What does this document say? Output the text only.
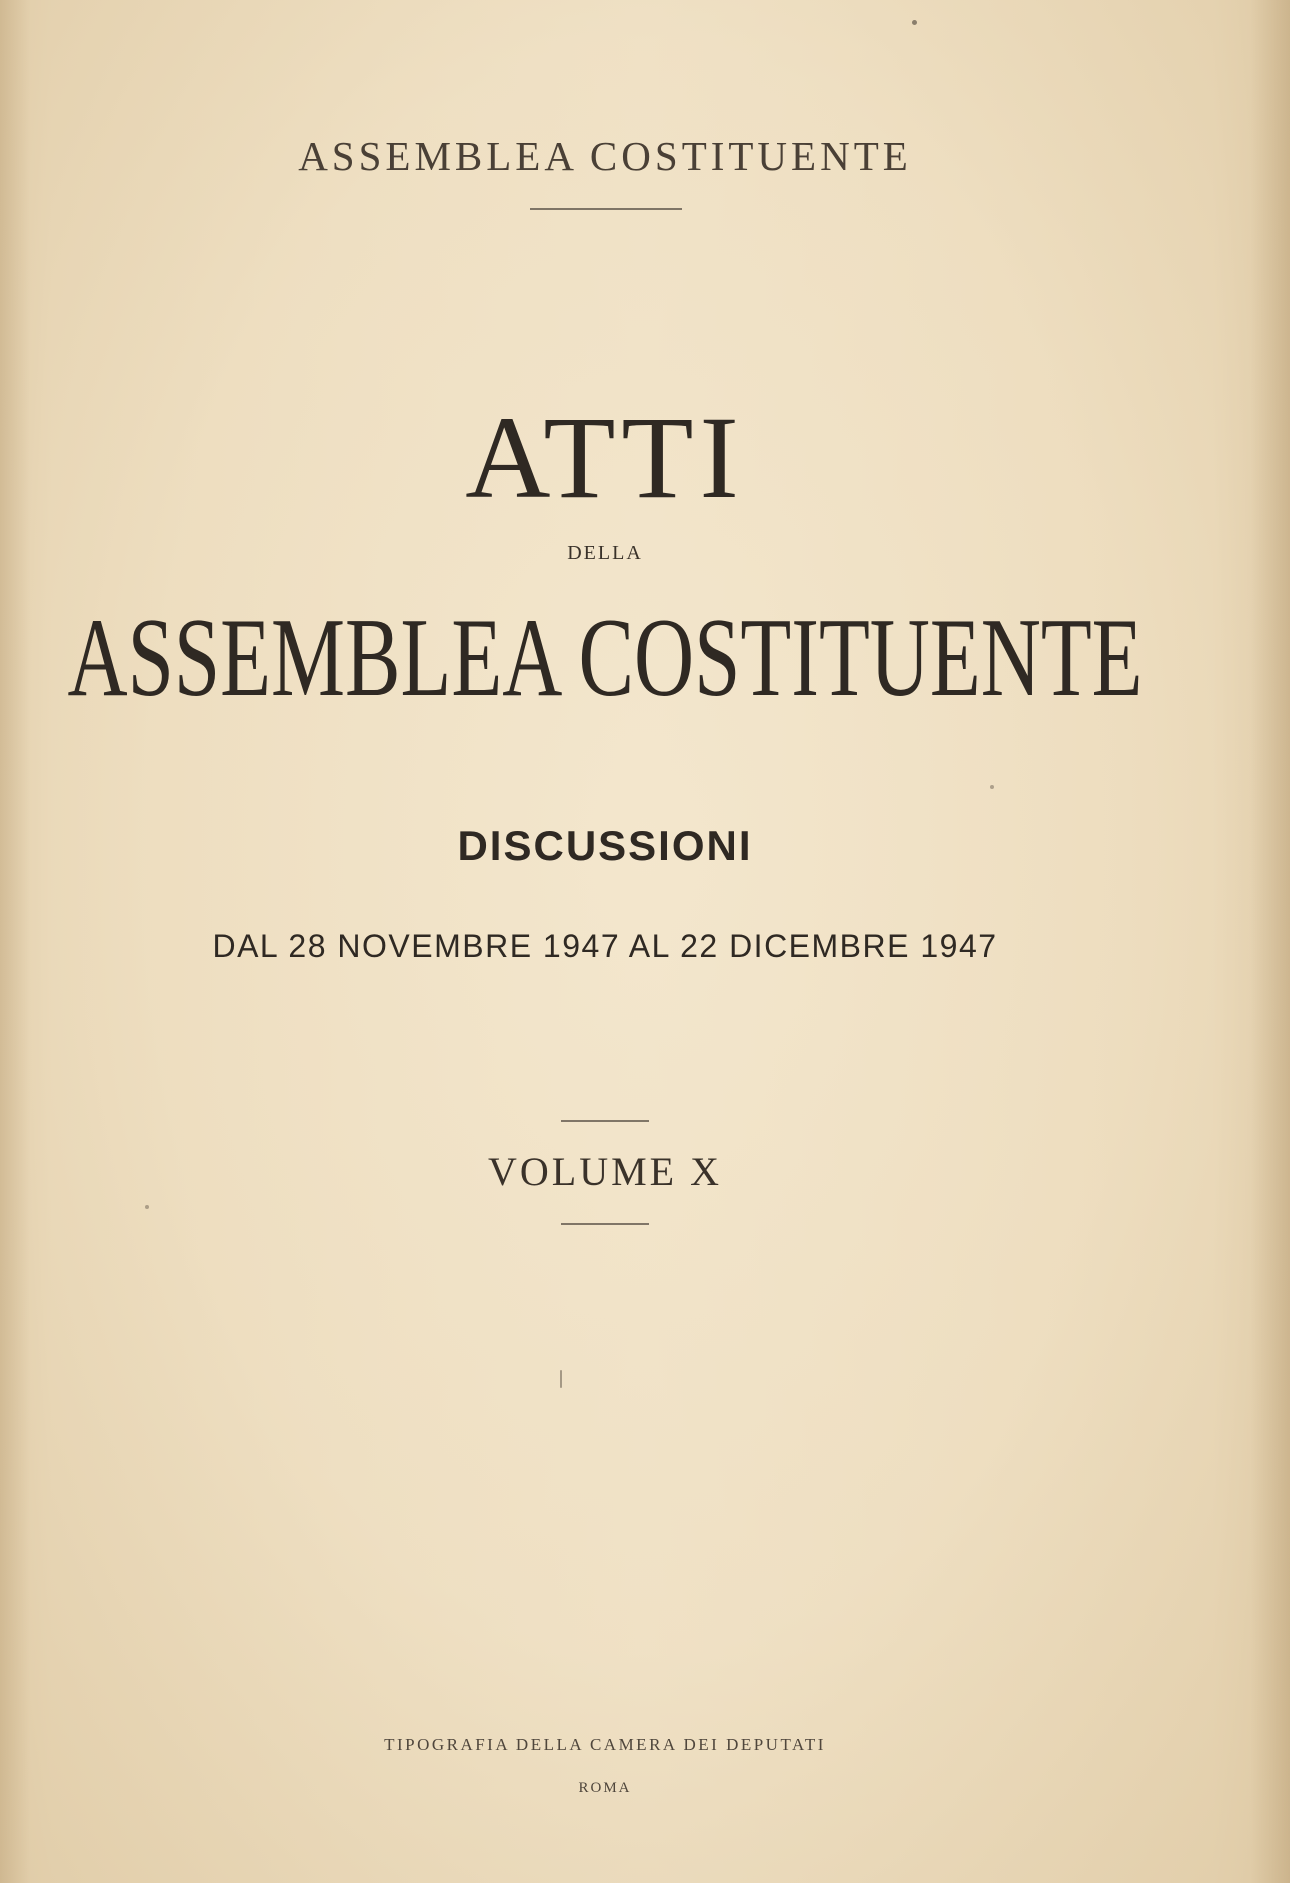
ASSEMBLEA COSTITUENTE
ATTI
DELLA
ASSEMBLEA COSTITUENTE
DISCUSSIONI
DAL 28 NOVEMBRE 1947 AL 22 DICEMBRE 1947
VOLUME X
TIPOGRAFIA DELLA CAMERA DEI DEPUTATI
ROMA
